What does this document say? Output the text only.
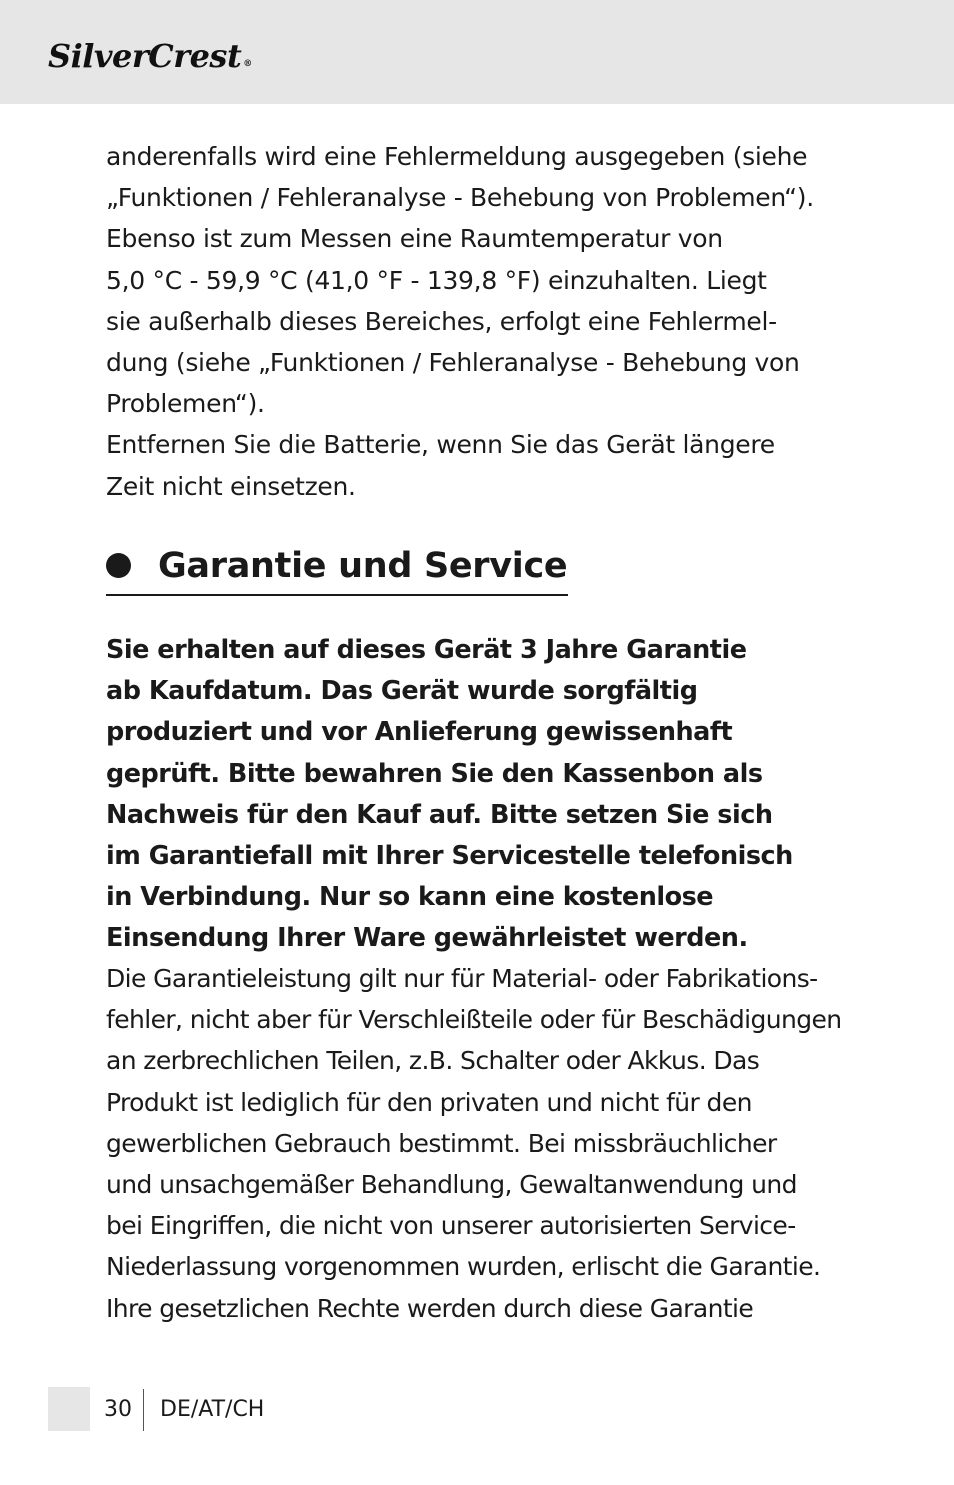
SilverCrest ®

anderenfalls wird eine Fehlermeldung ausgegeben (siehe
„Funktionen / Fehleranalyse - Behebung von Problemen“).
Ebenso ist zum Messen eine Raumtemperatur von
5,0 °C - 59,9 °C (41,0 °F - 139,8 °F) einzuhalten. Liegt
sie außerhalb dieses Bereiches, erfolgt eine Fehlermel-
dung (siehe „Funktionen / Fehleranalyse - Behebung von
Problemen“).
Entfernen Sie die Batterie, wenn Sie das Gerät längere
Zeit nicht einsetzen.

Garantie und Service

Sie erhalten auf dieses Gerät 3 Jahre Garantie
ab Kaufdatum. Das Gerät wurde sorgfältig
produziert und vor Anlieferung gewissenhaft
geprüft. Bitte bewahren Sie den Kassenbon als
Nachweis für den Kauf auf. Bitte setzen Sie sich
im Garantiefall mit Ihrer Servicestelle telefonisch
in Verbindung. Nur so kann eine kostenlose
Einsendung Ihrer Ware gewährleistet werden.

Die Garantieleistung gilt nur für Material- oder Fabrikations-
fehler, nicht aber für Verschleißteile oder für Beschädigungen
an zerbrechlichen Teilen, z.B. Schalter oder Akkus. Das
Produkt ist lediglich für den privaten und nicht für den
gewerblichen Gebrauch bestimmt. Bei missbräuchlicher
und unsachgemäßer Behandlung, Gewaltanwendung und
bei Eingriffen, die nicht von unserer autorisierten Service-
Niederlassung vorgenommen wurden, erlischt die Garantie.
Ihre gesetzlichen Rechte werden durch diese Garantie

30 DE/AT/CH
